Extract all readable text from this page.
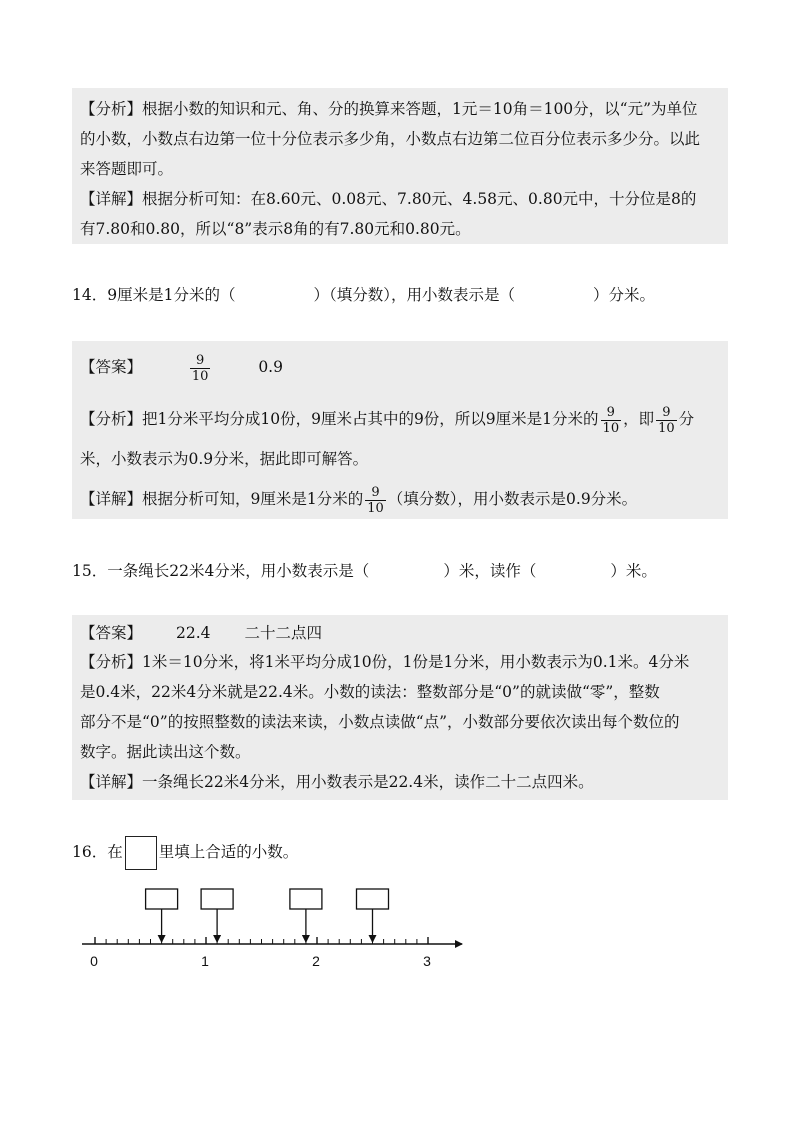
【分析】根据小数的知识和元、角、分的换算来答题，1元＝10角＝100分，以“元”为单位
的小数，小数点右边第一位十分位表示多少角，小数点右边第二位百分位表示多少分。以此
来答题即可。
【详解】根据分析可知：在8.60元、0.08元、7.80元、4.58元、0.80元中，十分位是8的
有7.80和0.80，所以“8”表示8角的有7.80元和0.80元。
14．9厘米是1分米的（	）（填分数），用小数表示是（	）分米。
【答案】	$\frac{9}{10}$	0.9
【分析】把1分米平均分成10份，9厘米占其中的9份，所以9厘米是1分米的 $\frac{9}{10}$ ，即 $\frac{9}{10}$ 分
米，小数表示为0.9分米，据此即可解答。
【详解】根据分析可知，9厘米是1分米的 $\frac{9}{10}$ （填分数），用小数表示是0.9分米。
15．一条绳长22米4分米，用小数表示是（	）米，读作（	）米。
【答案】 22.4 二十二点四
【分析】1米＝10分米，将1米平均分成10份，1份是1分米，用小数表示为0.1米。4分米
是0.4米，22米4分米就是22.4米。小数的读法：整数部分是“0”的就读做“零”，整数
部分不是“0”的按照整数的读法来读，小数点读做“点”，小数部分要依次读出每个数位的
数字。据此读出这个数。
【详解】一条绳长22米4分米，用小数表示是22.4米，读作二十二点四米。
16．在 里填上合适的小数。
0	1	2	3
